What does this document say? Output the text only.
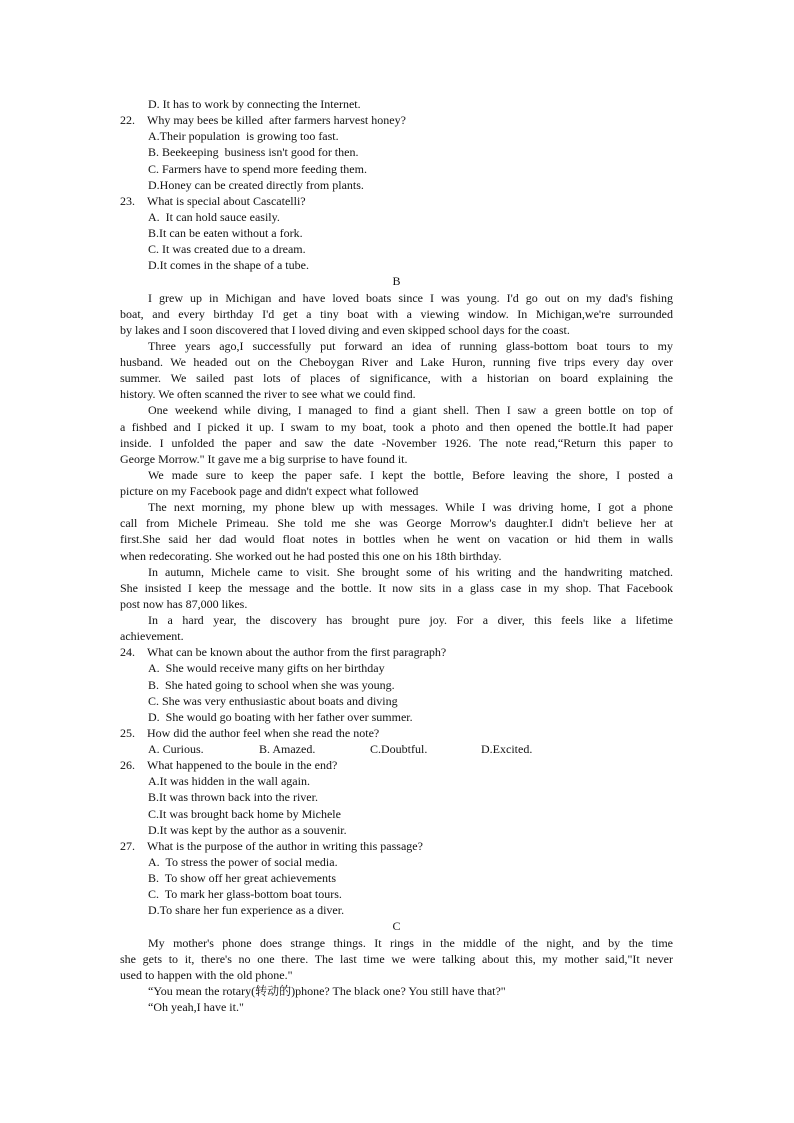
D. It has to work by connecting the Internet.
22. Why may bees be killed  after farmers harvest honey?
A.Their population  is growing too fast.
B. Beekeeping  business isn't good for then.
C. Farmers have to spend more feeding them.
D.Honey can be created directly from plants.
23. What is special about Cascatelli?
A.  It can hold sauce easily.
B.It can be eaten without a fork.
C. It was created due to a dream.
D.It comes in the shape of a tube.
B
I grew up in Michigan and have loved boats since I was young. I'd go out on my dad's fishing
boat, and every birthday I'd get a tiny boat with a viewing window. In Michigan,we're surrounded
by lakes and I soon discovered that I loved diving and even skipped school days for the coast.
Three years ago,I successfully put forward an idea of running glass-bottom boat tours to my
husband. We headed out on the Cheboygan River and Lake Huron, running five trips every day over
summer. We sailed past lots of places of significance, with a historian on board explaining the
history. We often scanned the river to see what we could find.
One weekend while diving, I managed to find a giant shell. Then I saw a green bottle on top of
a fishbed and I picked it up. I swam to my boat, took a photo and then opened the bottle.It had paper
inside. I unfolded the paper and saw the date -November 1926. The note read,“Return this paper to
George Morrow." It gave me a big surprise to have found it.
We made sure to keep the paper safe. I kept the bottle, Before leaving the shore, I posted a
picture on my Facebook page and didn't expect what followed
The next morning, my phone blew up with messages. While I was driving home, I got a phone
call from Michele Primeau. She told me she was George Morrow's daughter.I didn't believe her at
first.She said her dad would float notes in bottles when he went on vacation or hid them in walls
when redecorating. She worked out he had posted this one on his 18th birthday.
In autumn, Michele came to visit. She brought some of his writing and the handwriting matched.
She insisted I keep the message and the bottle. It now sits in a glass case in my shop. That Facebook
post now has 87,000 likes.
In a hard year, the discovery has brought pure joy. For a diver, this feels like a lifetime
achievement.
24. What can be known about the author from the first paragraph?
A.  She would receive many gifts on her birthday
B.  She hated going to school when she was young.
C. She was very enthusiastic about boats and diving
D.  She would go boating with her father over summer.
25. How did the author feel when she read the note?
A. Curious.	B. Amazed.	C.Doubtful.	D.Excited.
26. What happened to the boule in the end?
A.It was hidden in the wall again.
B.It was thrown back into the river.
C.It was brought back home by Michele
D.It was kept by the author as a souvenir.
27. What is the purpose of the author in writing this passage?
A.  To stress the power of social media.
B.  To show off her great achievements
C.  To mark her glass-bottom boat tours.
D.To share her fun experience as a diver.
C
My mother's phone does strange things. It rings in the middle of the night, and by the time
she gets to it, there's no one there. The last time we were talking about this, my mother said,"It never
used to happen with the old phone."
“You mean the rotary(转动的)phone? The black one? You still have that?"
“Oh yeah,I have it."
